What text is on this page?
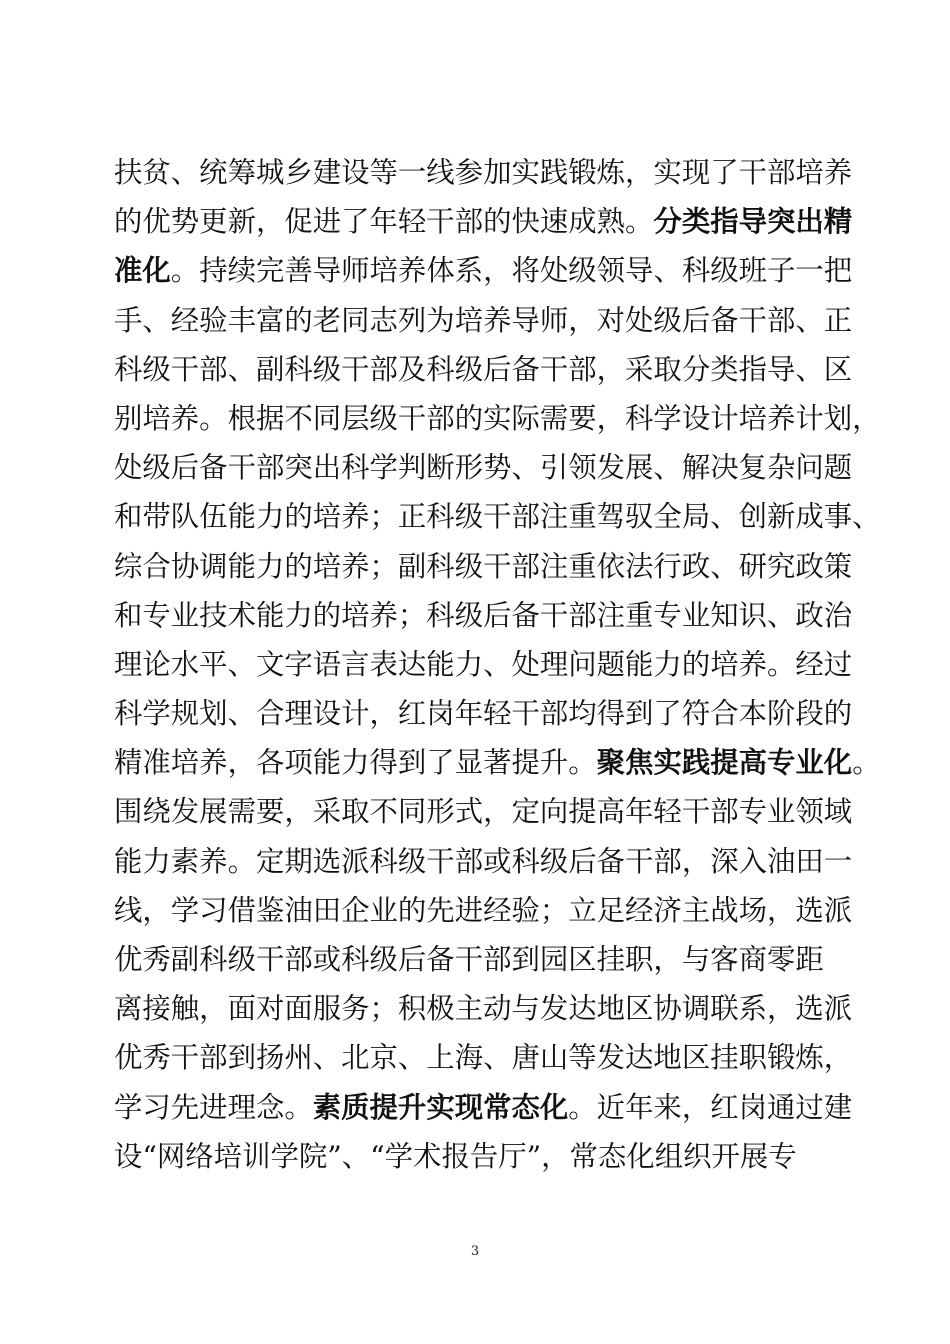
扶贫、统筹城乡建设等一线参加实践锻炼，实现了干部培养
的优势更新，促进了年轻干部的快速成熟。分类指导突出精
准化。持续完善导师培养体系，将处级领导、科级班子一把
手、经验丰富的老同志列为培养导师，对处级后备干部、正
科级干部、副科级干部及科级后备干部，采取分类指导、区
别培养。根据不同层级干部的实际需要，科学设计培养计划，
处级后备干部突出科学判断形势、引领发展、解决复杂问题
和带队伍能力的培养；正科级干部注重驾驭全局、创新成事、
综合协调能力的培养；副科级干部注重依法行政、研究政策
和专业技术能力的培养；科级后备干部注重专业知识、政治
理论水平、文字语言表达能力、处理问题能力的培养。经过
科学规划、合理设计，红岗年轻干部均得到了符合本阶段的
精准培养，各项能力得到了显著提升。聚焦实践提高专业化。
围绕发展需要，采取不同形式，定向提高年轻干部专业领域
能力素养。定期选派科级干部或科级后备干部，深入油田一
线，学习借鉴油田企业的先进经验；立足经济主战场，选派
优秀副科级干部或科级后备干部到园区挂职，与客商零距
离接触，面对面服务；积极主动与发达地区协调联系，选派
优秀干部到扬州、北京、上海、唐山等发达地区挂职锻炼，
学习先进理念。素质提升实现常态化。近年来，红岗通过建
设“网络培训学院”、“学术报告厅”，常态化组织开展专
3
